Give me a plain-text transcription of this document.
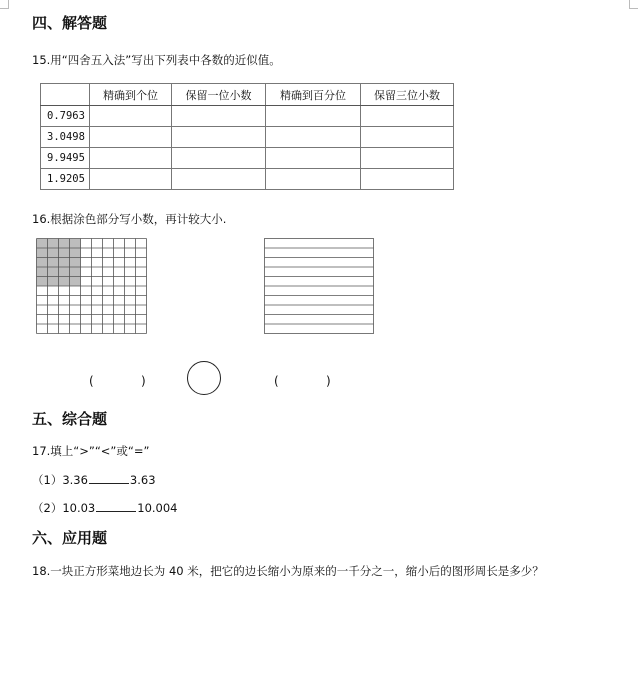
四、解答题
15.用“四舍五入法”写出下列表中各数的近似值。
	精确到个位	保留一位小数	精确到百分位	保留三位小数
0.7963				
3.0498				
9.9495				
1.9205				
16.根据涂色部分写小数，再计较大小.
(	)	(	)
五、综合题
17.填上“>”“<”或“=”
（1）3.36	3.63
（2）10.03	10.004
六、应用题
18.一块正方形菜地边长为 40 米，把它的边长缩小为原来的一千分之一，缩小后的图形周长是多少？
